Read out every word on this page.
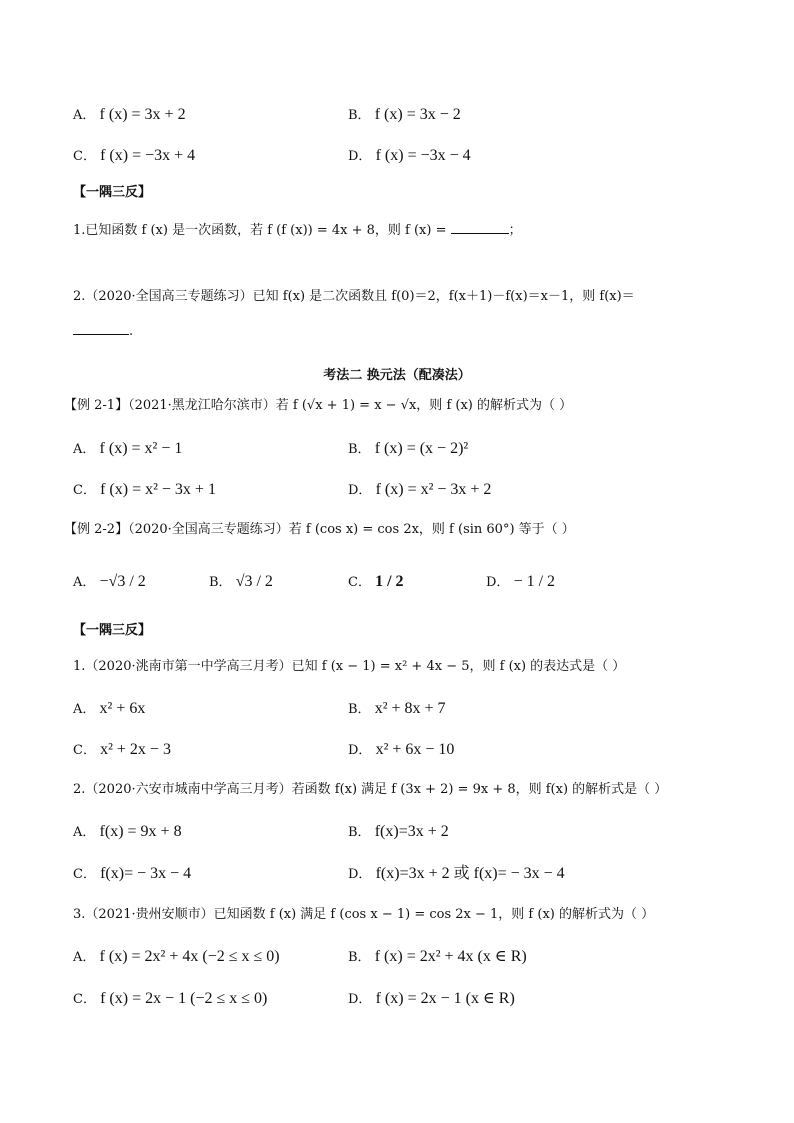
A． f (x) = 3x + 2	B． f (x) = 3x − 2
C． f (x) = −3x + 4	D． f (x) = −3x − 4
【一隅三反】
1.已知函数 f (x) 是一次函数，若 f (f (x)) = 4x + 8，则 f (x) =	；
2.（2020·全国高三专题练习）已知 f(x) 是二次函数且 f(0)＝2，f(x＋1)－f(x)＝x－1，则 f(x)＝
.
考法二 换元法（配凑法）
【例 2-1】（2021·黑龙江哈尔滨市）若 f (√x + 1) = x − √x，则 f (x) 的解析式为（ ）
A． f (x) = x² − 1	B． f (x) = (x − 2)²
C． f (x) = x² − 3x + 1	D． f (x) = x² − 3x + 2
【例 2-2】（2020·全国高三专题练习）若 f (cos x) = cos 2x，则 f (sin 60°) 等于（ ）
A． −√3 / 2	B． √3 / 2	C． 1 / 2	D． − 1 / 2
【一隅三反】
1.（2020·洮南市第一中学高三月考）已知 f (x − 1) = x² + 4x − 5，则 f (x) 的表达式是（ ）
A． x² + 6x	B． x² + 8x + 7
C． x² + 2x − 3	D． x² + 6x − 10
2.（2020·六安市城南中学高三月考）若函数 f(x) 满足 f (3x + 2) = 9x + 8，则 f(x) 的解析式是（ ）
A． f(x) = 9x + 8	B． f(x)=3x + 2
C． f(x)= − 3x − 4	D． f(x)=3x + 2 或 f(x)= − 3x − 4
3.（2021·贵州安顺市）已知函数 f (x) 满足 f (cos x − 1) = cos 2x − 1，则 f (x) 的解析式为（ ）
A． f (x) = 2x² + 4x (−2 ≤ x ≤ 0)	B． f (x) = 2x² + 4x (x ∈ R)
C． f (x) = 2x − 1 (−2 ≤ x ≤ 0)	D． f (x) = 2x − 1 (x ∈ R)
